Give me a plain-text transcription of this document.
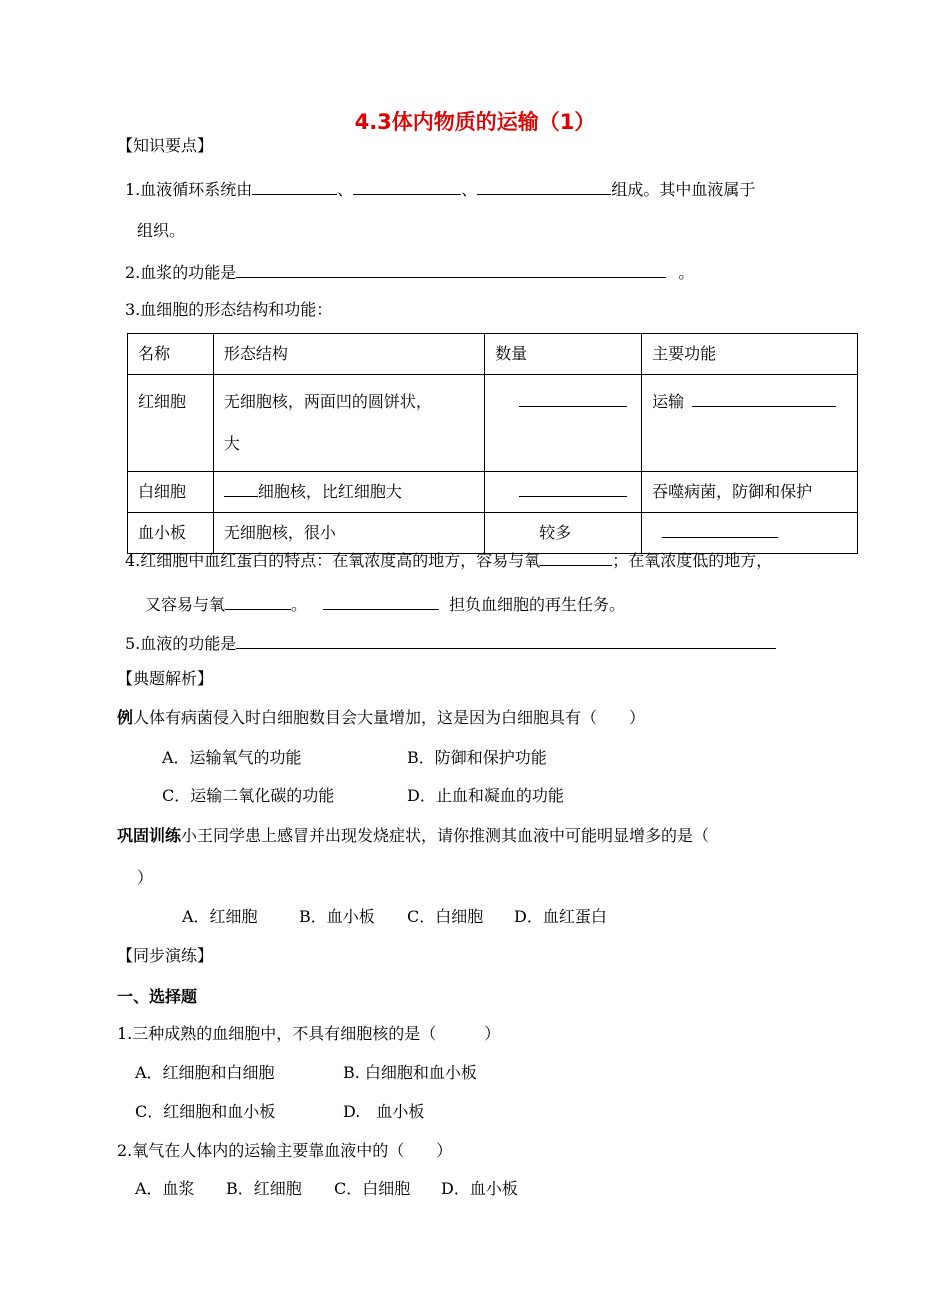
4.3体内物质的运输（1）
【知识要点】
1.血液循环系统由	、	、	组成。其中血液属于
组织。
2.血浆的功能是	。
3.血细胞的形态结构和功能：
名称	形态结构	数量	主要功能
红细胞	无细胞核，两面凹的圆饼状，
大		运输
白细胞	细胞核，比红细胞大		吞噬病菌，防御和保护
血小板	无细胞核，很小	较多	
4.红细胞中血红蛋白的特点：在氧浓度高的地方，容易与氧	；在氧浓度低的地方，
又容易与氧	。	担负血细胞的再生任务。
5.血液的功能是
【典题解析】
例人体有病菌侵入时白细胞数目会大量增加，这是因为白细胞具有（　　）
A．运输氧气的功能	B．防御和保护功能
C．运输二氧化碳的功能	D．止血和凝血的功能
巩固训练小王同学患上感冒并出现发烧症状，请你推测其血液中可能明显增多的是（
）
A．红细胞	B．血小板 C．白细胞 D．血红蛋白
【同步演练】
一、选择题
1.三种成熟的血细胞中，不具有细胞核的是（　　　）
A．红细胞和白细胞	B. 白细胞和血小板
C．红细胞和血小板	D.　血小板
2.氧气在人体内的运输主要靠血液中的（　　）
A．血浆 B．红细胞 C．白细胞 D．血小板
